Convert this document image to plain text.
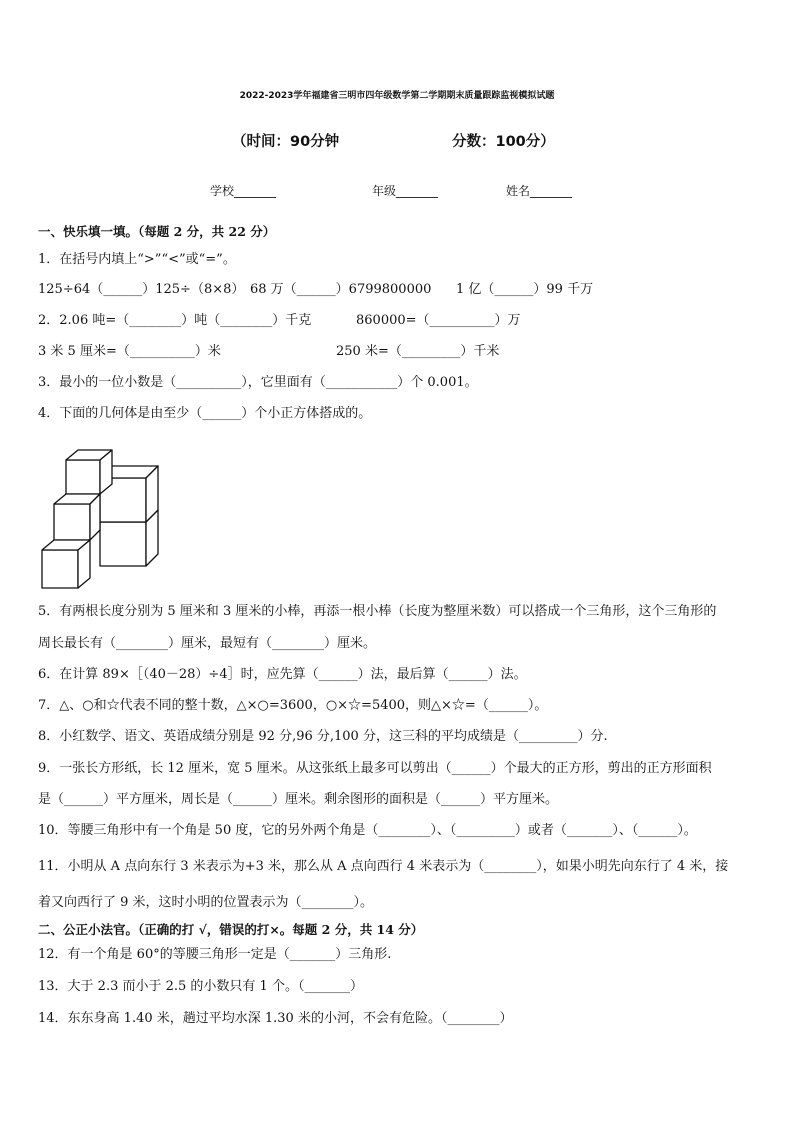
2022-2023学年福建省三明市四年级数学第二学期期末质量跟踪监视模拟试题
（时间：90分钟	分数：100分）
学校_______	年级_______	姓名_______
一、快乐填一填。（每题 2 分，共 22 分）
1．在括号内填上“>”“<”或“=”。
125÷64（______）125÷（8×8） 68 万（______）6799800000 1 亿（______）99 千万
2．2.06 吨=（________）吨（________）千克	860000=（__________）万
3 米 5 厘米=（__________）米	250 米=（_________）千米
3．最小的一位小数是（__________），它里面有（___________）个 0.001。
4．下面的几何体是由至少（______）个小正方体搭成的。
5．有两根长度分别为 5 厘米和 3 厘米的小棒，再添一根小棒（长度为整厘米数）可以搭成一个三角形，这个三角形的
周长最长有（________）厘米，最短有（________）厘米。
6．在计算 89×［（40－28）÷4］时，应先算（______）法，最后算（______）法。
7．△、○和☆代表不同的整十数，△×○=3600，○×☆=5400，则△×☆=（______）。
8．小红数学、语文、英语成绩分别是 92 分,96 分,100 分，这三科的平均成绩是（_________）分.
9．一张长方形纸，长 12 厘米，宽 5 厘米。从这张纸上最多可以剪出（______）个最大的正方形，剪出的正方形面积
是（______）平方厘米，周长是（______）厘米。剩余图形的面积是（______）平方厘米。
10．等腰三角形中有一个角是 50 度，它的另外两个角是（________）、（_________）或者（_______）、（______）。
11．小明从 A 点向东行 3 米表示为+3 米，那么从 A 点向西行 4 米表示为（________），如果小明先向东行了 4 米，接
着又向西行了 9 米，这时小明的位置表示为（________）。
二、公正小法官。（正确的打 √，错误的打×。每题 2 分，共 14 分）
12．有一个角是 60°的等腰三角形一定是（_______）三角形.
13．大于 2.3 而小于 2.5 的小数只有 1 个。（_______）
14．东东身高 1.40 米，趟过平均水深 1.30 米的小河，不会有危险。（________）
